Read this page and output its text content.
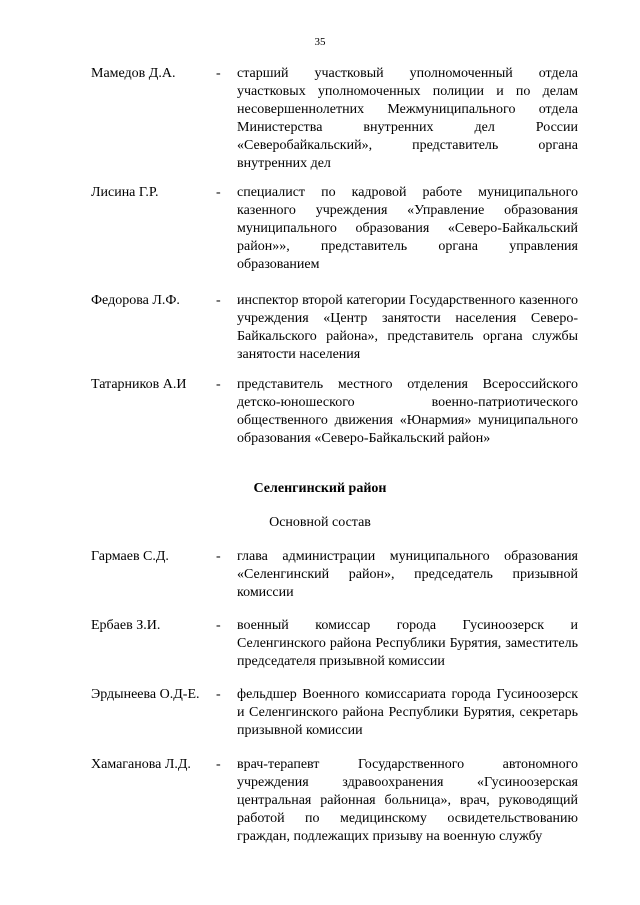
35
Мамедов Д.А.	- старший участковый уполномоченный отдела участковых уполномоченных полиции и по делам несовершеннолетних Межмуниципального отдела Министерства внутренних дел России «Северобайкальский», представитель органа внутренних дел
Лисина Г.Р.	- специалист по кадровой работе муниципального казенного учреждения «Управление образования муниципального образования «Северо-Байкальский район»», представитель органа управления образованием
Федорова Л.Ф.	- инспектор второй категории Государственного казенного учреждения «Центр занятости населения Северо-Байкальского района», представитель органа службы занятости населения
Татарников А.И	- представитель местного отделения Всероссийского детско-юношеского военно-патриотического общественного движения «Юнармия» муниципального образования «Северо-Байкальский район»
Селенгинский район
Основной состав
Гармаев С.Д.	- глава администрации муниципального образования «Селенгинский район», председатель призывной комиссии
Ербаев З.И.	- военный комиссар города Гусиноозерск и Селенгинского района Республики Бурятия, заместитель председателя призывной комиссии
Эрдынеева О.Д-Е.	- фельдшер Военного комиссариата города Гусиноозерск и Селенгинского района Республики Бурятия, секретарь призывной комиссии
Хамаганова Л.Д.	- врач-терапевт Государственного автономного учреждения здравоохранения «Гусиноозерская центральная районная больница», врач, руководящий работой по медицинскому освидетельствованию граждан, подлежащих призыву на военную службу
